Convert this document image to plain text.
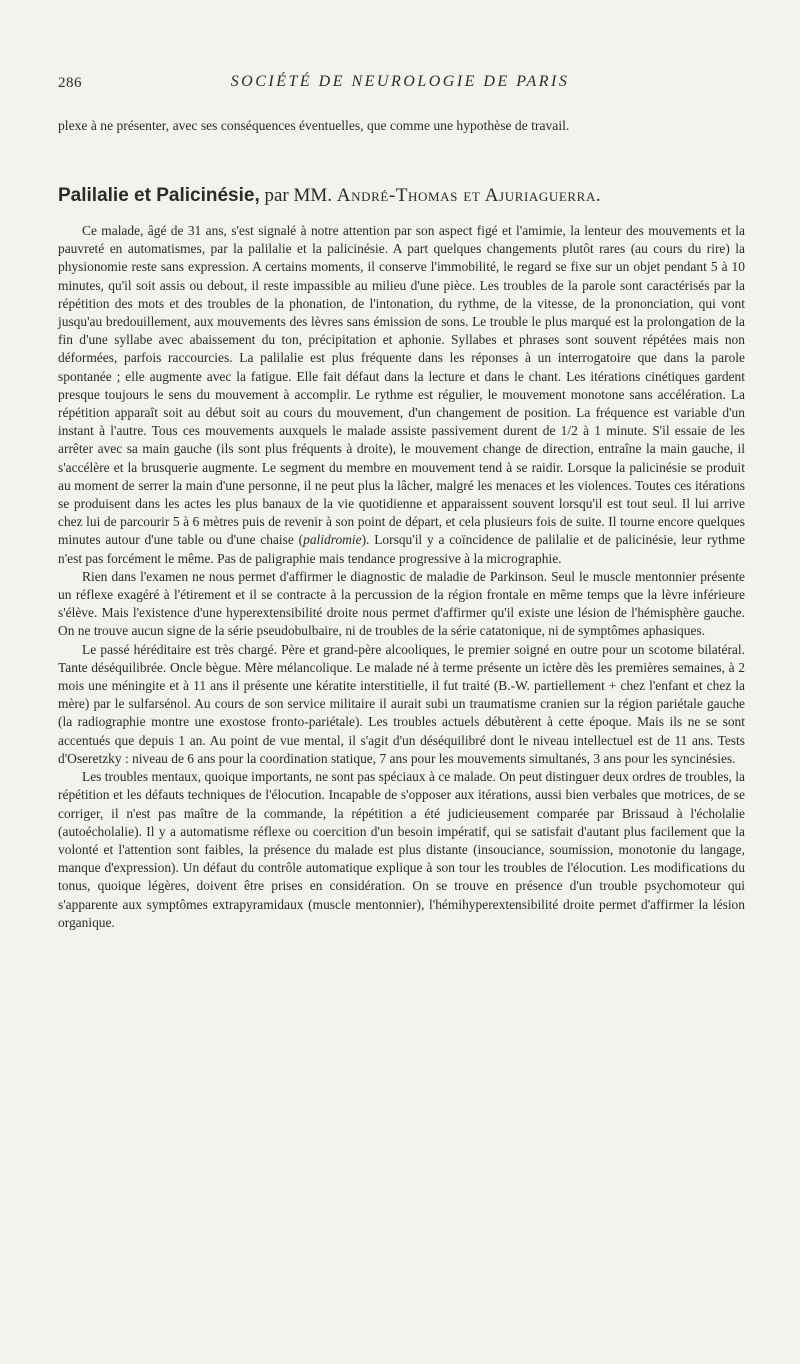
286	SOCIÉTÉ DE NEUROLOGIE DE PARIS
plexe à ne présenter, avec ses conséquences éventuelles, que comme une hypothèse de travail.
Palilalie et Palicinésie, par MM. André-Thomas et Ajuriaguerra.

Ce malade, âgé de 31 ans, s'est signalé à notre attention par son aspect figé et l'amimie, la lenteur des mouvements et la pauvreté en automatismes, par la palilalie et la palicinésie. A part quelques changements plutôt rares (au cours du rire) la physionomie reste sans expression. A certains moments, il conserve l'immobilité, le regard se fixe sur un objet pendant 5 à 10 minutes, qu'il soit assis ou debout, il reste impassible au milieu d'une pièce. Les troubles de la parole sont caractérisés par la répétition des mots et des troubles de la phonation, de l'intonation, du rythme, de la vitesse, de la prononciation, qui vont jusqu'au bredouillement, aux mouvements des lèvres sans émission de sons. Le trouble le plus marqué est la prolongation de la fin d'une syllabe avec abaissement du ton, précipitation et aphonie. Syllabes et phrases sont souvent répétées mais non déformées, parfois raccourcies. La palilalie est plus fréquente dans les réponses à un interrogatoire que dans la parole spontanée ; elle augmente avec la fatigue. Elle fait défaut dans la lecture et dans le chant. Les itérations cinétiques gardent presque toujours le sens du mouvement à accomplir. Le rythme est régulier, le mouvement monotone sans accélération. La répétition apparaît soit au début soit au cours du mouvement, d'un changement de position. La fréquence est variable d'un instant à l'autre. Tous ces mouvements auxquels le malade assiste passivement durent de 1/2 à 1 minute. S'il essaie de les arrêter avec sa main gauche (ils sont plus fréquents à droite), le mouvement change de direction, entraîne la main gauche, il s'accélère et la brusquerie augmente. Le segment du membre en mouvement tend à se raidir. Lorsque la palicinésie se produit au moment de serrer la main d'une personne, il ne peut plus la lâcher, malgré les menaces et les violences. Toutes ces itérations se produisent dans les actes les plus banaux de la vie quotidienne et apparaissent souvent lorsqu'il est tout seul. Il lui arrive chez lui de parcourir 5 à 6 mètres puis de revenir à son point de départ, et cela plusieurs fois de suite. Il tourne encore quelques minutes autour d'une table ou d'une chaise (palidromie). Lorsqu'il y a coïncidence de palilalie et de palicinésie, leur rythme n'est pas forcément le même. Pas de paligraphie mais tendance progressive à la micrographie.

Rien dans l'examen ne nous permet d'affirmer le diagnostic de maladie de Parkinson. Seul le muscle mentonnier présente un réflexe exagéré à l'étirement et il se contracte à la percussion de la région frontale en même temps que la lèvre inférieure s'élève. Mais l'existence d'une hyperextensibilité droite nous permet d'affirmer qu'il existe une lésion de l'hémisphère gauche. On ne trouve aucun signe de la série pseudobulbaire, ni de troubles de la série catatonique, ni de symptômes aphasiques.

Le passé héréditaire est très chargé. Père et grand-père alcooliques, le premier soigné en outre pour un scotome bilatéral. Tante déséquilibrée. Oncle bègue. Mère mélancolique. Le malade né à terme présente un ictère dès les premières semaines, à 2 mois une méningite et à 11 ans il présente une kératite interstitielle, il fut traité (B.-W. partiellement + chez l'enfant et chez la mère) par le sulfarsénol. Au cours de son service militaire il aurait subi un traumatisme cranien sur la région pariétale gauche (la radiographie montre une exostose fronto-pariétale). Les troubles actuels débutèrent à cette époque. Mais ils ne se sont accentués que depuis 1 an. Au point de vue mental, il s'agit d'un déséquilibré dont le niveau intellectuel est de 11 ans. Tests d'Oseretzky : niveau de 6 ans pour la coordination statique, 7 ans pour les mouvements simultanés, 3 ans pour les syncinésies.

Les troubles mentaux, quoique importants, ne sont pas spéciaux à ce malade. On peut distinguer deux ordres de troubles, la répétition et les défauts techniques de l'élocution. Incapable de s'opposer aux itérations, aussi bien verbales que motrices, de se corriger, il n'est pas maître de la commande, la répétition a été judicieusement comparée par Brissaud à l'écholalie (autoécholalie). Il y a automatisme réflexe ou coercition d'un besoin impératif, qui se satisfait d'autant plus facilement que la volonté et l'attention sont faibles, la présence du malade est plus distante (insouciance, soumission, monotonie du langage, manque d'expression). Un défaut du contrôle automatique explique à son tour les troubles de l'élocution. Les modifications du tonus, quoique légères, doivent être prises en considération. On se trouve en présence d'un trouble psychomoteur qui s'apparente aux symptômes extrapyramidaux (muscle mentonnier), l'hémihyperextensibilité droite permet d'affirmer la lésion organique.
